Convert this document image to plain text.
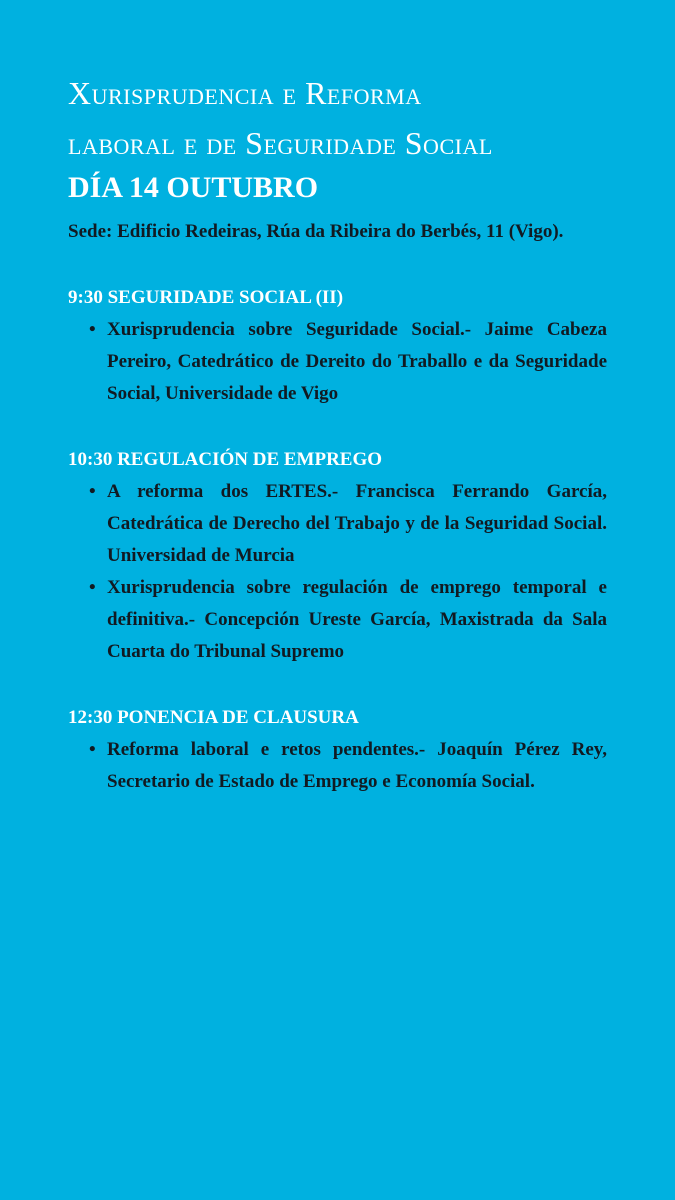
Xurisprudencia e Reforma
laboral e de Seguridade Social

DÍA 14 OUTUBRO

Sede: Edificio Redeiras, Rúa da Ribeira do Berbés, 11 (Vigo).

9:30 SEGURIDADE SOCIAL (II)

• Xurisprudencia sobre Seguridade Social.- Jaime Cabeza Pereiro, Catedrático de Dereito do Traballo e da Seguridade Social, Universidade de Vigo

10:30 REGULACIÓN DE EMPREGO

• A reforma dos ERTES.- Francisca Ferrando García, Catedrática de Derecho del Trabajo y de la Seguridad Social. Universidad de Murcia
• Xurisprudencia sobre regulación de emprego temporal e definitiva.- Concepción Ureste García, Maxistrada da Sala Cuarta do Tribunal Supremo

12:30 PONENCIA DE CLAUSURA

• Reforma laboral e retos pendentes.- Joaquín Pérez Rey, Secretario de Estado de Emprego e Economía Social.
